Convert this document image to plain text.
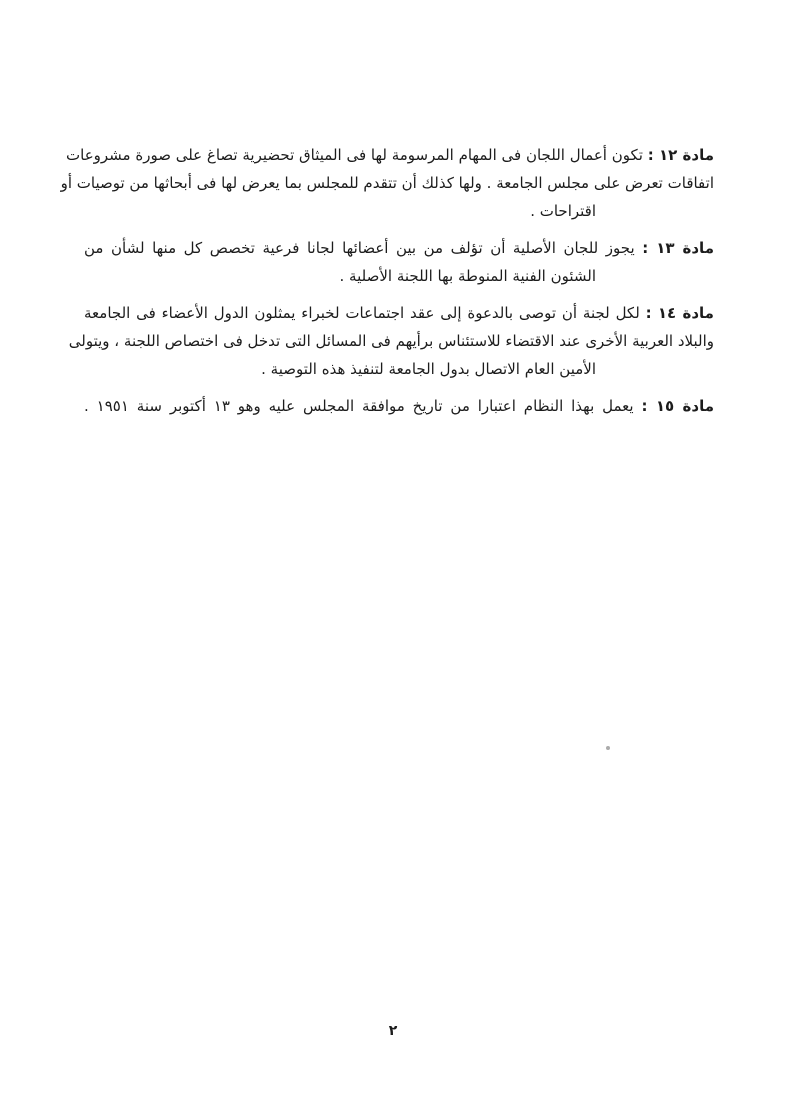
مادة ١٢ : تكون أعمال اللجان فى المهام المرسومة لها فى الميثاق تحضيرية تصاغ على صورة مشروعات
اتفاقات تعرض على مجلس الجامعة . ولها كذلك أن تتقدم للمجلس بما يعرض لها فى أبحاثها من توصيات أو
اقتراحات .
مادة ١٣ : يجوز للجان الأصلية أن تؤلف من بين أعضائها لجانا فرعية تخصص كل منها لشأن من
الشئون الفنية المنوطة بها اللجنة الأصلية .
مادة ١٤ : لكل لجنة أن توصى بالدعوة إلى عقد اجتماعات لخبراء يمثلون الدول الأعضاء فى الجامعة
والبلاد العربية الأخرى عند الاقتضاء للاستئناس برأيهم فى المسائل التى تدخل فى اختصاص اللجنة ، ويتولى
الأمين العام الاتصال بدول الجامعة لتنفيذ هذه التوصية .
مادة ١٥ : يعمل بهذا النظام اعتبارا من تاريخ موافقة المجلس عليه وهو ١٣ أكتوبر سنة ١٩٥١ .
٢
